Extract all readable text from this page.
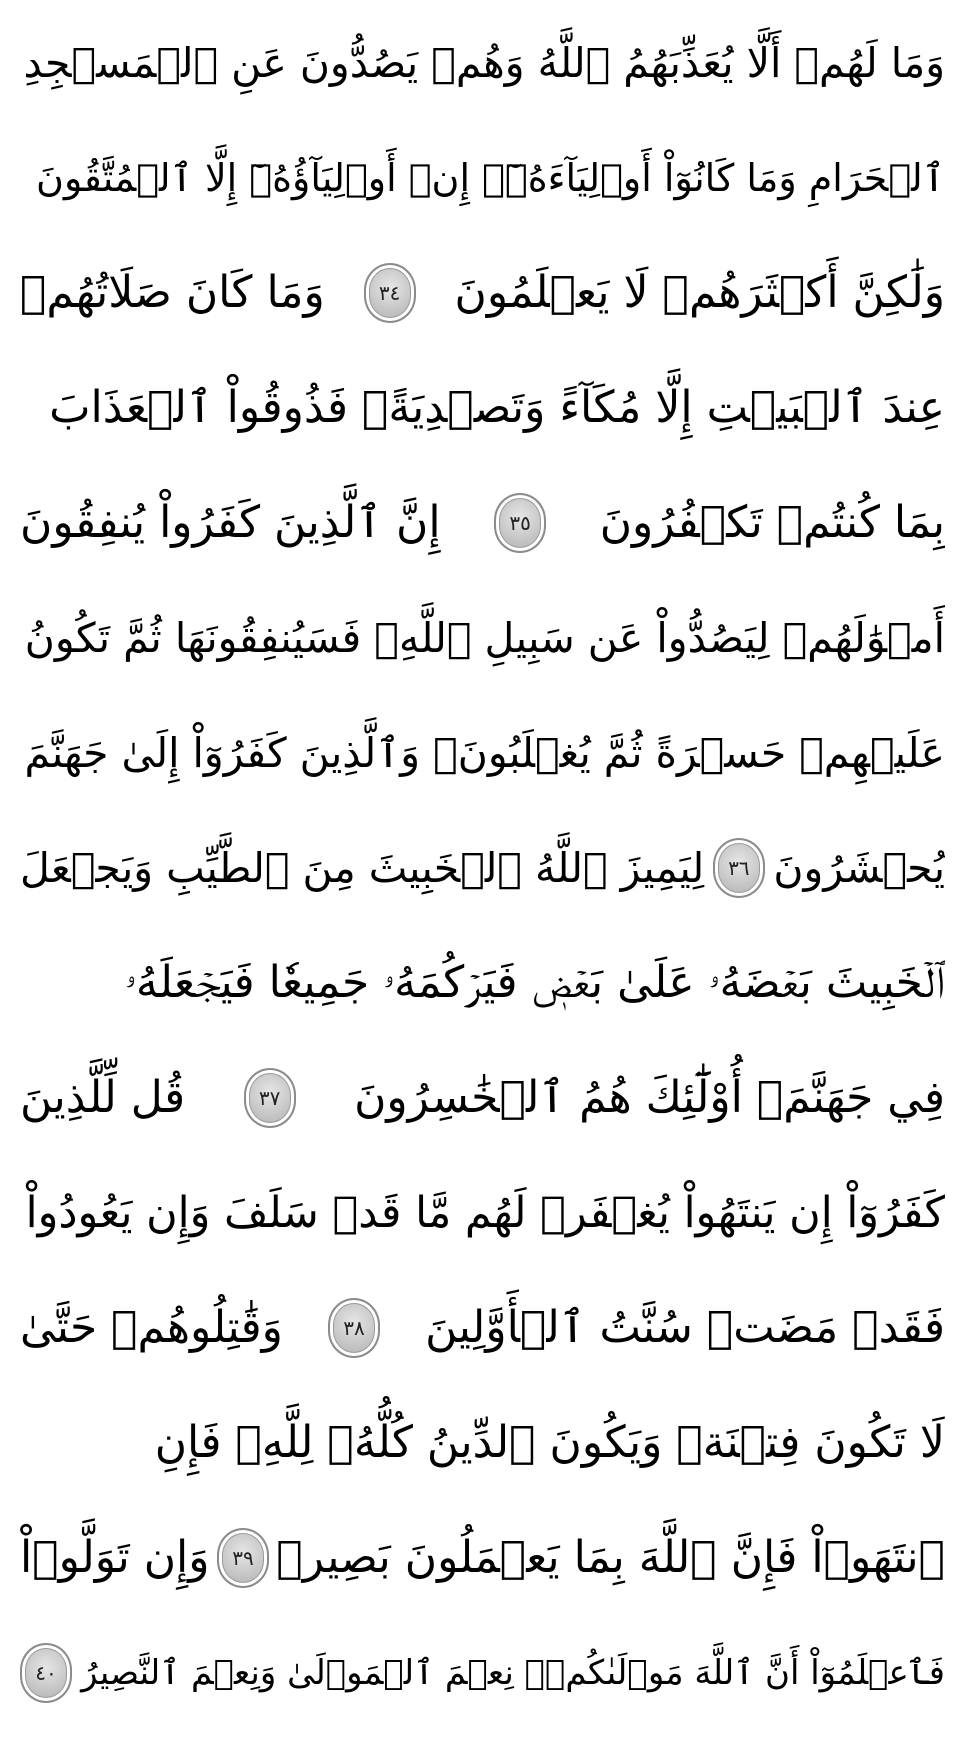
وَمَا لَهُمۡ أَلَّا يُعَذِّبَهُمُ ٱللَّهُ وَهُمۡ يَصُدُّونَ عَنِ ٱلۡمَسۡجِدِ
ٱلۡحَرَامِ وَمَا كَانُوٓاْ أَوۡلِيَآءَهُۥٓۚ إِنۡ أَوۡلِيَآؤُهُۥٓ إِلَّا ٱلۡمُتَّقُونَ
وَلَٰكِنَّ أَكۡثَرَهُمۡ لَا يَعۡلَمُونَ
٣٤
وَمَا كَانَ صَلَاتُهُمۡ
عِندَ ٱلۡبَيۡتِ إِلَّا مُكَآءً وَتَصۡدِيَةًۚ فَذُوقُواْ ٱلۡعَذَابَ
بِمَا كُنتُمۡ تَكۡفُرُونَ
٣٥
إِنَّ ٱلَّذِينَ كَفَرُواْ يُنفِقُونَ
أَمۡوَٰلَهُمۡ لِيَصُدُّواْ عَن سَبِيلِ ٱللَّهِۚ فَسَيُنفِقُونَهَا ثُمَّ تَكُونُ
عَلَيۡهِمۡ حَسۡرَةً ثُمَّ يُغۡلَبُونَۗ وَٱلَّذِينَ كَفَرُوٓاْ إِلَىٰ جَهَنَّمَ
يُحۡشَرُونَ
٣٦
لِيَمِيزَ ٱللَّهُ ٱلۡخَبِيثَ مِنَ ٱلطَّيِّبِ وَيَجۡعَلَ
ٱلۡخَبِيثَ بَعۡضَهُۥ عَلَىٰ بَعۡضٖ فَيَرۡكُمَهُۥ جَمِيعٗا فَيَجۡعَلَهُۥ
فِي جَهَنَّمَۚ أُوْلَٰٓئِكَ هُمُ ٱلۡخَٰسِرُونَ
٣٧
قُل لِّلَّذِينَ
كَفَرُوٓاْ إِن يَنتَهُواْ يُغۡفَرۡ لَهُم مَّا قَدۡ سَلَفَ وَإِن يَعُودُواْ
فَقَدۡ مَضَتۡ سُنَّتُ ٱلۡأَوَّلِينَ
٣٨
وَقَٰتِلُوهُمۡ حَتَّىٰ
لَا تَكُونَ فِتۡنَةٞ وَيَكُونَ ٱلدِّينُ كُلُّهُۥ لِلَّهِۚ فَإِنِ
ٱنتَهَوۡاْ فَإِنَّ ٱللَّهَ بِمَا يَعۡمَلُونَ بَصِيرٞ
٣٩
وَإِن تَوَلَّوۡاْ
فَٱعۡلَمُوٓاْ أَنَّ ٱللَّهَ مَوۡلَىٰكُمۡۚ نِعۡمَ ٱلۡمَوۡلَىٰ وَنِعۡمَ ٱلنَّصِيرُ
٤٠
